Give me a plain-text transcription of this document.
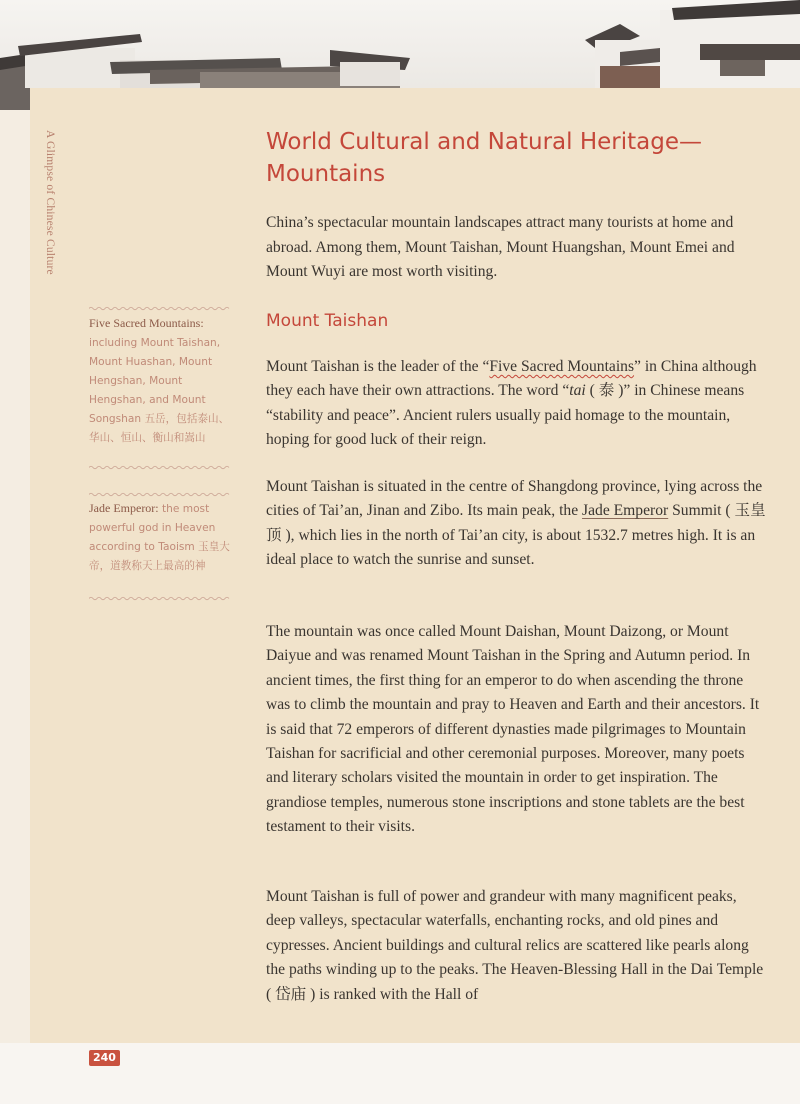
A Glimpse of Chinese Culture	World Cultural and Natural Heritage— Mountains

China’s spectacular mountain landscapes attract many tourists at home and abroad. Among them, Mount Taishan, Mount Huangshan, Mount Emei and Mount Wuyi are most worth visiting.

Mount Taishan

Mount Taishan is the leader of the “Five Sacred Mountains” in China although they each have their own attractions. The word “tai ( 泰 )” in Chinese means “stability and peace”. Ancient rulers usually paid homage to the mountain, hoping for good luck of their reign.

Mount Taishan is situated in the centre of Shangdong province, lying across the cities of Tai’an, Jinan and Zibo. Its main peak, the Jade Emperor Summit ( 玉皇顶 ), which lies in the north of Tai’an city, is about 1532.7 metres high. It is an ideal place to watch the sunrise and sunset.

The mountain was once called Mount Daishan, Mount Daizong, or Mount Daiyue and was renamed Mount Taishan in the Spring and Autumn period. In ancient times, the first thing for an emperor to do when ascending the throne was to climb the mountain and pray to Heaven and Earth and their ancestors. It is said that 72 emperors of different dynasties made pilgrimages to Mountain Taishan for sacrificial and other ceremonial purposes. Moreover, many poets and literary scholars visited the mountain in order to get inspiration. The grandiose temples, numerous stone inscriptions and stone tablets are the best testament to their visits.

Mount Taishan is full of power and grandeur with many magnificent peaks, deep valleys, spectacular waterfalls, enchanting rocks, and old pines and cypresses. Ancient buildings and cultural relics are scattered like pearls along the paths winding up to the peaks. The Heaven-Blessing Hall in the Dai Temple ( 岱庙 ) is ranked with the Hall of

Five Sacred Mountains: including Mount Taishan, Mount Huashan, Mount Hengshan, Mount Hengshan, and Mount Songshan 五岳，包括泰山、华山、恒山、衡山和嵩山
Jade Emperor: the most powerful god in Heaven according to Taoism 玉皇大帝，道教称天上最高的神
240
